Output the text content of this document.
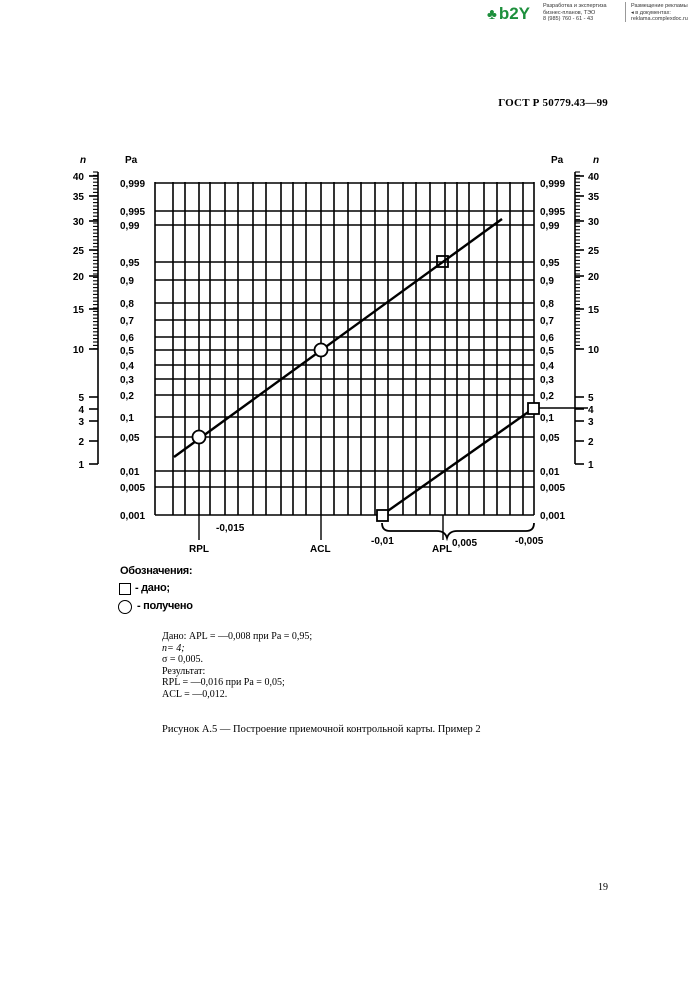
♣ b2Y Разработка и экспертиза
бизнес-планов, ТЭО
8 (985) 760 - 61 - 43
Размещение рекламы
◂ в документах:
reklama.complexdoc.ru
ГОСТ Р 50779.43—99
0,999	0,999
0,995	0,995
0,99	0,99
0,95	0,95
0,9	0,9
0,8	0,8
0,7	0,7
0,6	0,6
0,5	0,5
0,4	0,4
0,3	0,3
0,2	0,2
0,1	0,1
0,05	0,05
0,01	0,01
0,005	0,005
0,001	0,001
40	40
35	35
30	30
25	25
20	20
15	15
10	10
5	5
4	4
3	3
2	2
1	1
n	Pa	Pa	n
-0,015
RPL	ACL	APL
-0,01	0,005	-0,005
Обозначения:
- дано;
- получено
Дано: APL = —0,008 при Pa = 0,95;
n= 4;
σ = 0,005.
Результат:
RPL = —0,016 при Pa = 0,05;
ACL = —0,012.
Рисунок А.5 — Построение приемочной контрольной карты. Пример 2
19
